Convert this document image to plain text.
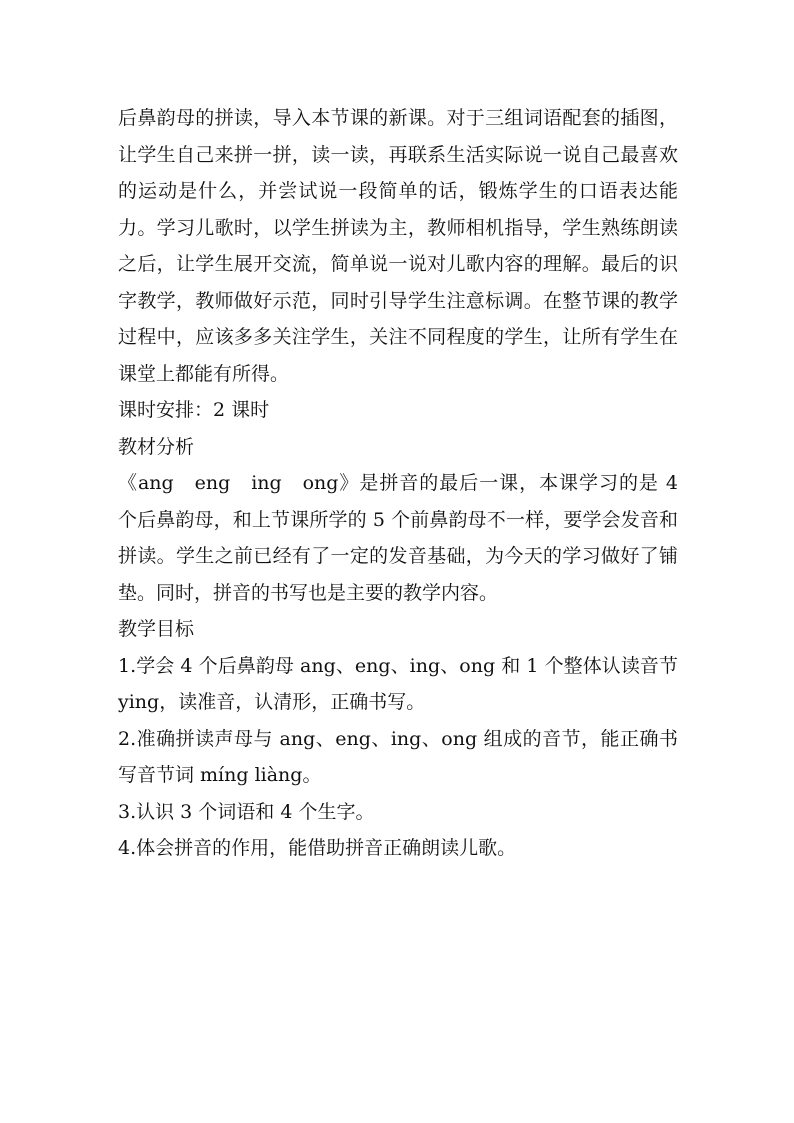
后鼻韵母的拼读，导入本节课的新课。对于三组词语配套的插图，让学生自己来拼一拼，读一读，再联系生活实际说一说自己最喜欢的运动是什么，并尝试说一段简单的话，锻炼学生的口语表达能力。学习儿歌时，以学生拼读为主，教师相机指导，学生熟练朗读之后，让学生展开交流，简单说一说对儿歌内容的理解。最后的识字教学，教师做好示范，同时引导学生注意标调。在整节课的教学过程中，应该多多关注学生，关注不同程度的学生，让所有学生在课堂上都能有所得。

课时安排：2 课时

教材分析

《ang　eng　ing　ong》是拼音的最后一课，本课学习的是 4 个后鼻韵母，和上节课所学的 5 个前鼻韵母不一样，要学会发音和拼读。学生之前已经有了一定的发音基础，为今天的学习做好了铺垫。同时，拼音的书写也是主要的教学内容。

教学目标

1.学会 4 个后鼻韵母 ang、eng、ing、ong 和 1 个整体认读音节 ying，读准音，认清形，正确书写。

2.准确拼读声母与 ang、eng、ing、ong 组成的音节，能正确书写音节词 míng liàng。

3.认识 3 个词语和 4 个生字。

4.体会拼音的作用，能借助拼音正确朗读儿歌。
